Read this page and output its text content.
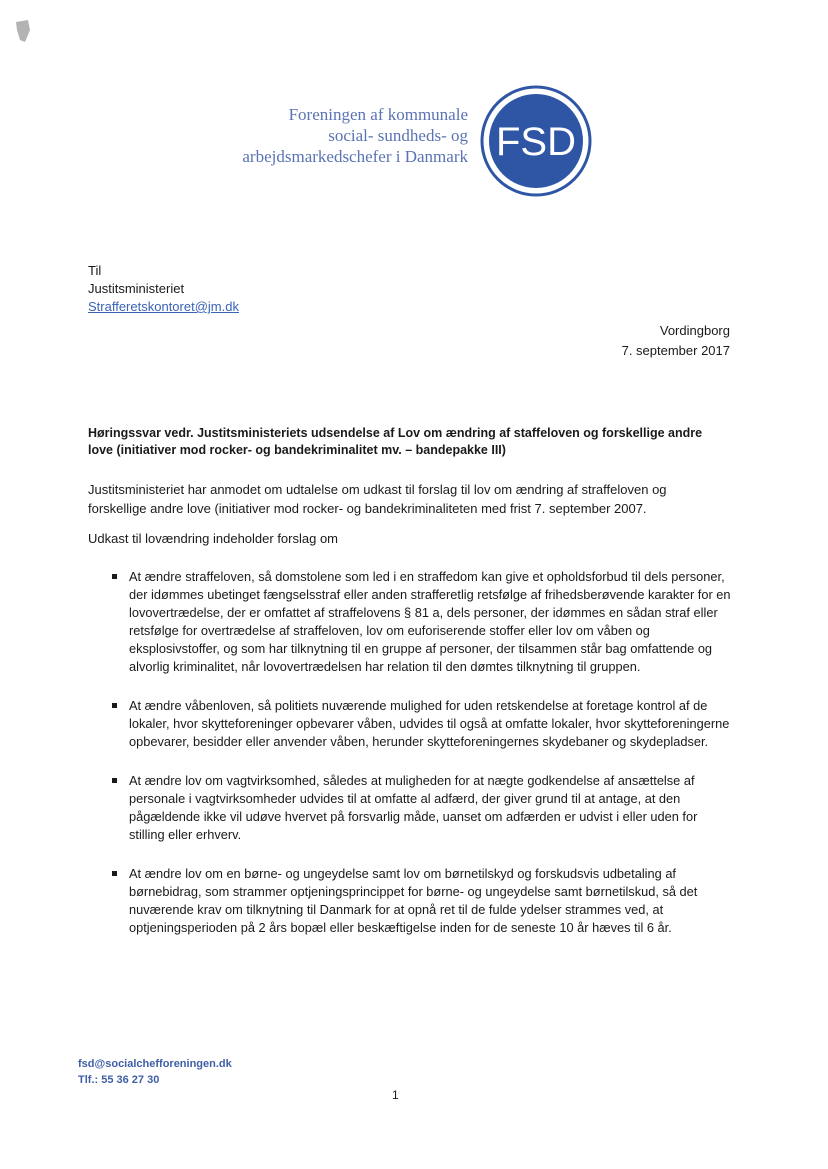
Foreningen af kommunale
social- sundheds- og
arbejdsmarkedschefer i Danmark FSD
Til
Justitsministeriet
Strafferetskontoret@jm.dk
Vordingborg
7. september 2017
Høringssvar vedr. Justitsministeriets udsendelse af Lov om ændring af staffeloven og forskellige andre love (initiativer mod rocker- og bandekriminalitet mv. – bandepakke III)
Justitsministeriet har anmodet om udtalelse om udkast til forslag til lov om ændring af straffeloven og forskellige andre love (initiativer mod rocker- og bandekriminaliteten med frist 7. september 2007.
Udkast til lovændring indeholder forslag om
At ændre straffeloven, så domstolene som led i en straffedom kan give et opholdsforbud til dels personer, der idømmes ubetinget fængselsstraf eller anden strafferetlig retsfølge af frihedsberøvende karakter for en lovovertrædelse, der er omfattet af straffelovens § 81 a, dels personer, der idømmes en sådan straf eller retsfølge for overtrædelse af straffeloven, lov om euforiserende stoffer eller lov om våben og eksplosivstoffer, og som har tilknytning til en gruppe af personer, der tilsammen står bag omfattende og alvorlig kriminalitet, når lovovertrædelsen har relation til den dømtes tilknytning til gruppen.
At ændre våbenloven, så politiets nuværende mulighed for uden retskendelse at foretage kontrol af de lokaler, hvor skytteforeninger opbevarer våben, udvides til også at omfatte lokaler, hvor skytteforeningerne opbevarer, besidder eller anvender våben, herunder skytteforeningernes skydebaner og skydepladser.
At ændre lov om vagtvirksomhed, således at muligheden for at nægte godkendelse af ansættelse af personale i vagtvirksomheder udvides til at omfatte al adfærd, der giver grund til at antage, at den pågældende ikke vil udøve hvervet på forsvarlig måde, uanset om adfærden er udvist i eller uden for stilling eller erhverv.
At ændre lov om en børne- og ungeydelse samt lov om børnetilskyd og forskudsvis udbetaling af børnebidrag, som strammer optjeningsprincippet for børne- og ungeydelse samt børnetilskud, så det nuværende krav om tilknytning til Danmark for at opnå ret til de fulde ydelser strammes ved, at optjeningsperioden på 2 års bopæl eller beskæftigelse inden for de seneste 10 år hæves til 6 år.
fsd@socialchefforeningen.dk
Tlf.: 55 36 27 30
1
